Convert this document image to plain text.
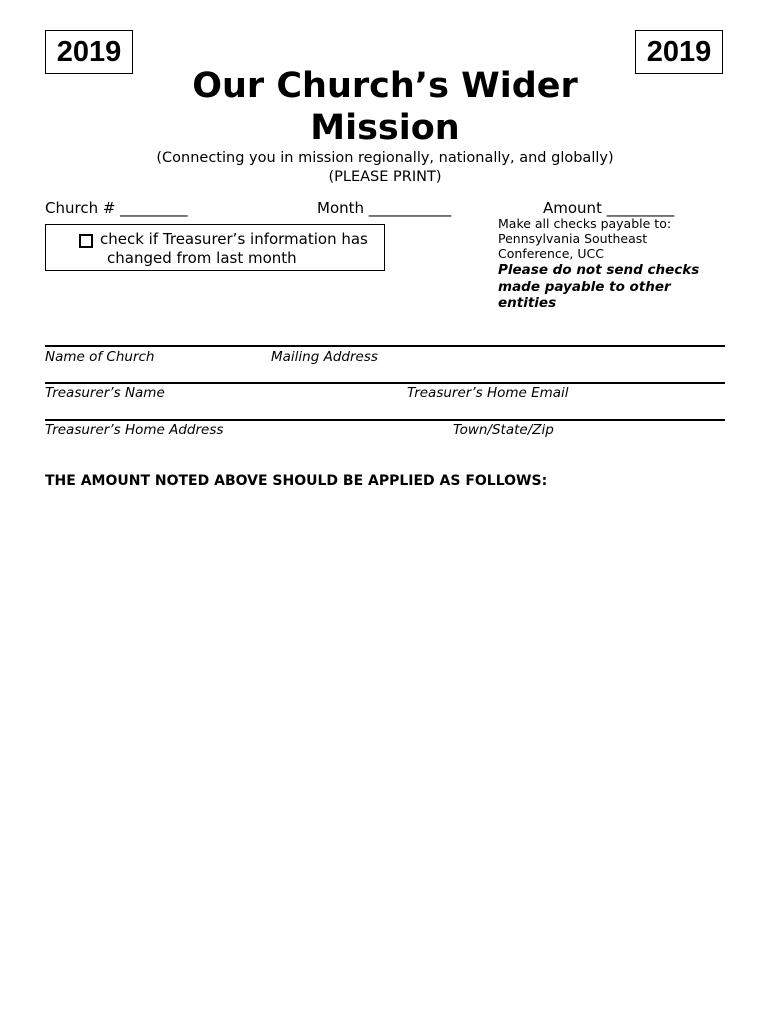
2019	2019
Our Church’s Wider
Mission
(Connecting you in mission regionally, nationally, and globally)
(PLEASE PRINT)
Church # _________	Month ___________	Amount _________
check if Treasurer’s information has
changed from last month
Make all checks payable to:
Pennsylvania Southeast
Conference, UCC
Please do not send checks
made payable to other
entities
Name of Church	Mailing Address
Treasurer’s Name	Treasurer’s Home Email
Treasurer’s Home Address	Town/State/Zip
THE AMOUNT NOTED ABOVE SHOULD BE APPLIED AS FOLLOWS:
